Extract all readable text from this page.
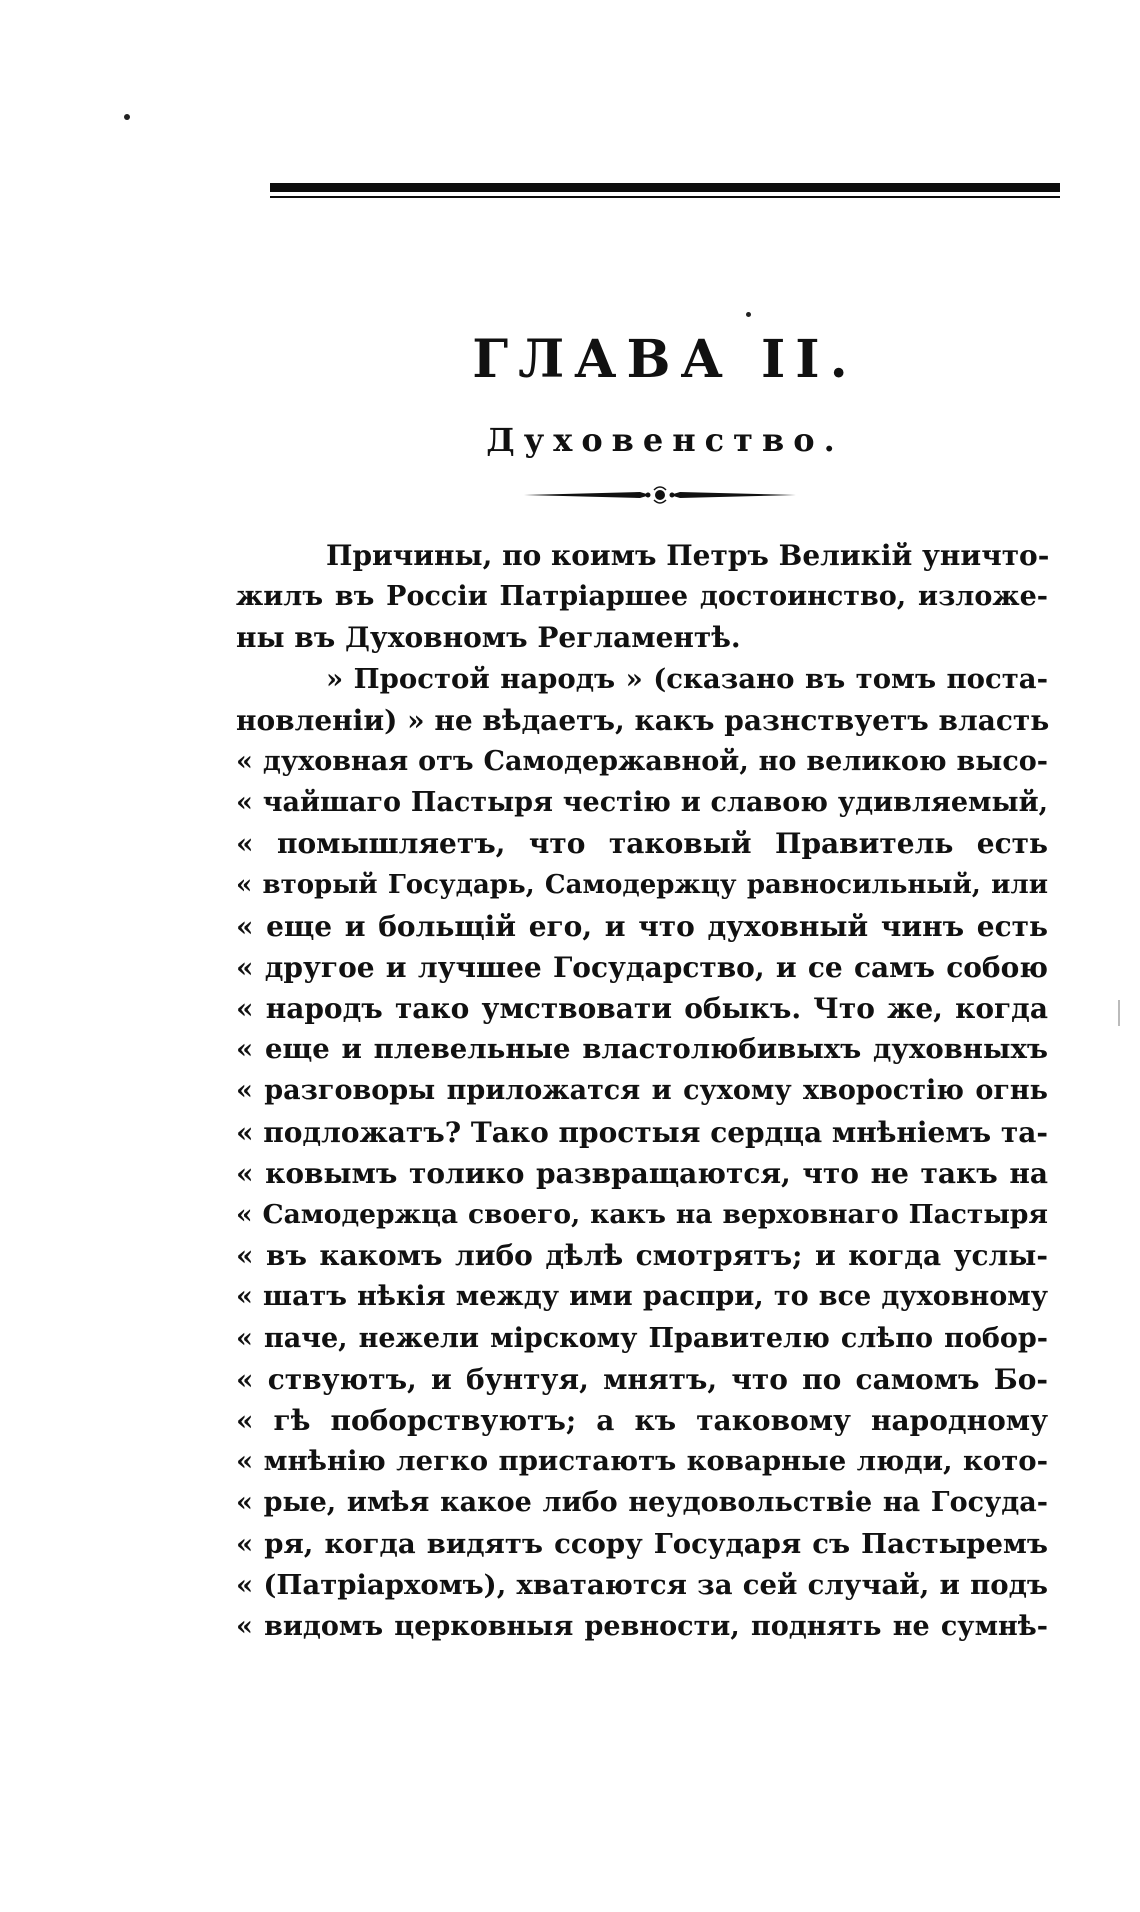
ГЛАВА II.
Духовенство.
Причины, по коимъ Петръ Великій уничто-
жилъ въ Россіи Патріаршее достоинство, изложе-
ны въ Духовномъ Регламентѣ.
» Простой народъ » (сказано въ томъ поста-
новленіи) » не вѣдаетъ, какъ разнствуетъ власть
« духовная отъ Самодержавной, но великою высо-
« чайшаго Пастыря честію и славою удивляемый,
« помышляетъ, что таковый Правитель есть
« вторый Государь, Самодержцу равносильный, или
« еще и больщій его, и что духовный чинъ есть
« другое и лучшее Государство, и се самъ собою
« народъ тако умствовати обыкъ. Что же, когда
« еще и плевельные властолюбивыхъ духовныхъ
« разговоры приложатся и сухому хворостію огнь
« подложатъ? Тако простыя сердца мнѣніемъ та-
« ковымъ толико развращаются, что не такъ на
« Самодержца своего, какъ на верховнаго Пастыря
« въ какомъ либо дѣлѣ смотрятъ; и когда услы-
« шатъ нѣкія между ими распри, то все духовному
« паче, нежели мірскому Правителю слѣпо побор-
« ствуютъ, и бунтуя, мнятъ, что по самомъ Бо-
« гѣ поборствуютъ; а къ таковому народному
« мнѣнію легко пристаютъ коварные люди, кото-
« рые, имѣя какое либо неудовольствіе на Госуда-
« ря, когда видятъ ссору Государя съ Пастыремъ
« (Патріархомъ), хватаются за сей случай, и подъ
« видомъ церковныя ревности, поднять не сумнѣ-
